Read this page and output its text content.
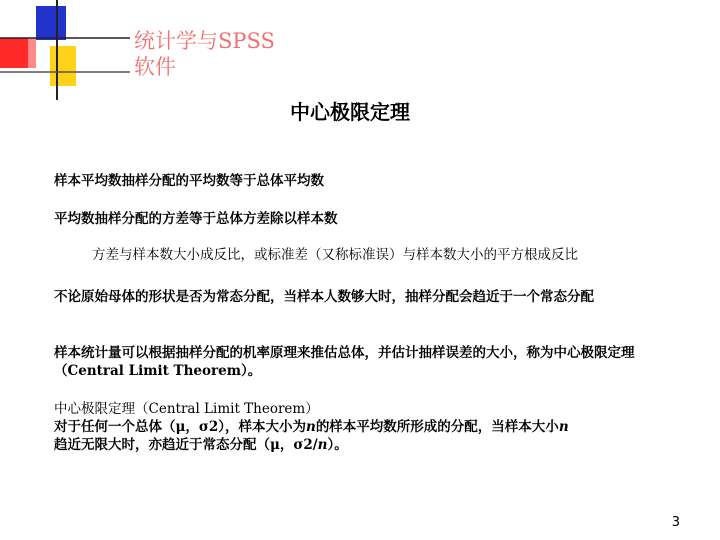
统计学与SPSS
软件
中心极限定理
样本平均数抽样分配的平均数等于总体平均数
平均数抽样分配的方差等于总体方差除以样本数
方差与样本数大小成反比，或标准差（又称标准误）与样本数大小的平方根成反比
不论原始母体的形状是否为常态分配，当样本人数够大时，抽样分配会趋近于一个常态分配
样本统计量可以根据抽样分配的机率原理来推估总体，并估计抽样误差的大小，称为中心极限定理（Central Limit Theorem）。
中心极限定理（Central Limit Theorem）
对于任何一个总体（μ，σ2），样本大小为n的样本平均数所形成的分配，当样本大小n
趋近无限大时，亦趋近于常态分配（μ，σ2/n）。
3
